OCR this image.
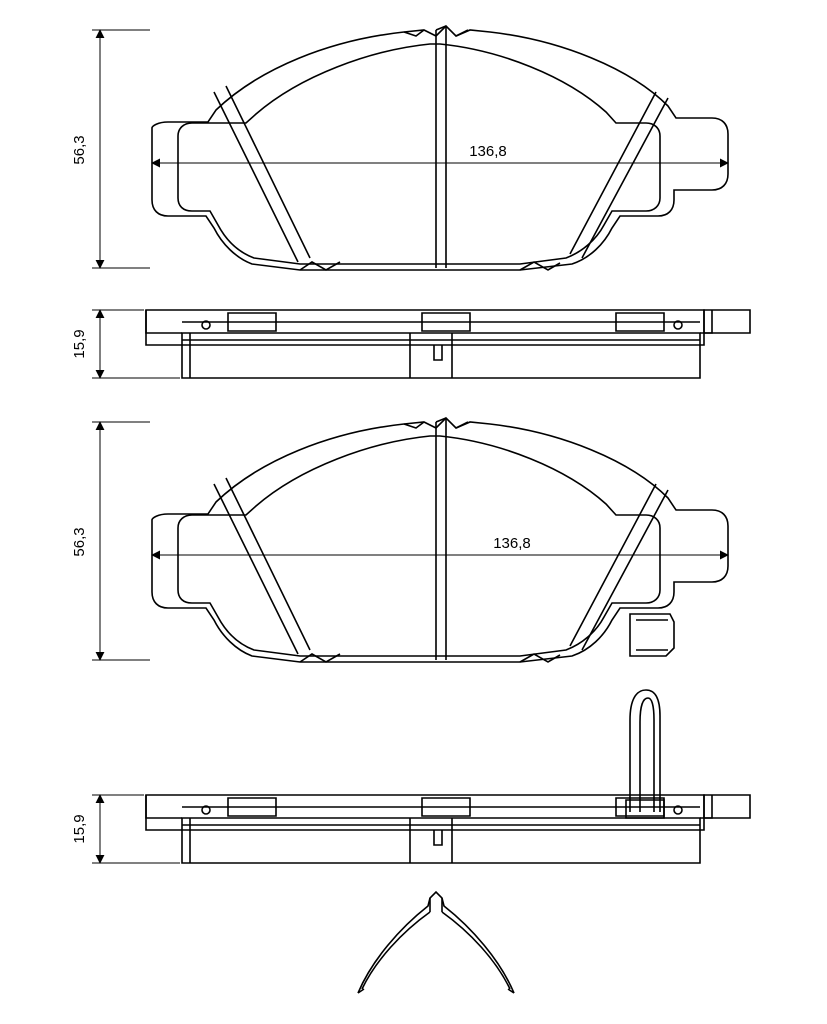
56,3	136,8
15,9
56,3	136,8
15,9
